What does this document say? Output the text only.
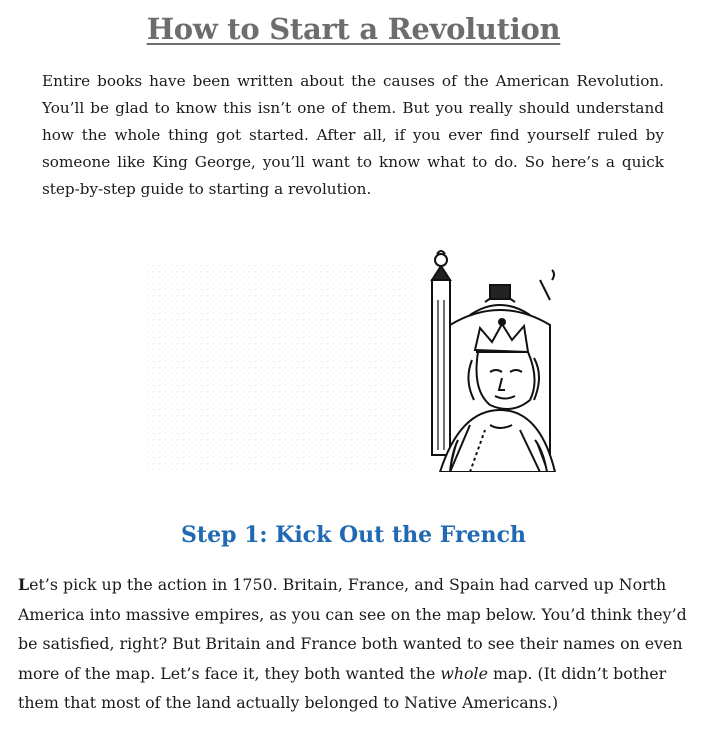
How to Start a Revolution

Entire books have been written about the causes of the American Revolution. You’ll be glad to know this isn’t one of them. But you really should understand how the whole thing got started. After all, if you ever find yourself ruled by someone like King George, you’ll want to know what to do. So here’s a quick step-by-step guide to starting a revolution.

Step 1: Kick Out the French

Let’s pick up the action in 1750. Britain, France, and Spain had carved up North America into massive empires, as you can see on the map below. You’d think they’d be satisfied, right? But Britain and France both wanted to see their names on even more of the map. Let’s face it, they both wanted the whole map. (It didn’t bother them that most of the land actually belonged to Native Americans.)
